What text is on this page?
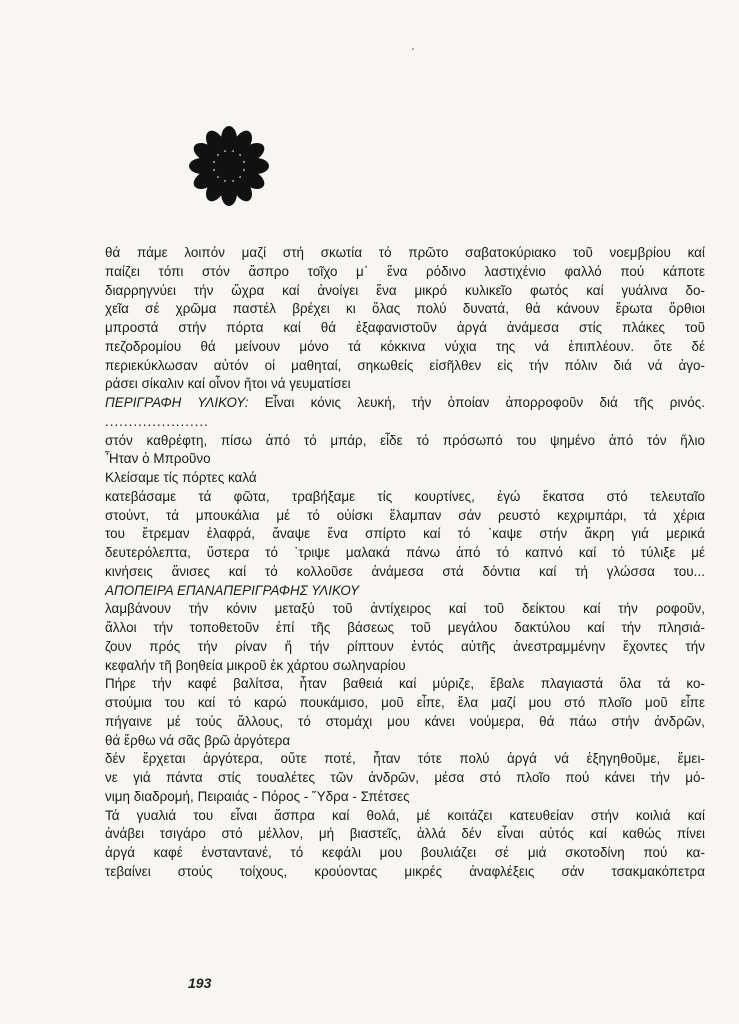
θά πάμε λοιπόν μαζί στή σκωτία τό πρῶτο σαβατοκύριακο τοῦ νοεμβρίου καί
παίζει τόπι στόν ἄσπρο τοῖχο μ᾽ ἕνα ρόδινο λαστιχένιο φαλλό πού κάποτε
διαρρηγνύει τήν ὤχρα καί ἀνοίγει ἕνα μικρό κυλικεῖο φωτός καί γυάλινα δο-
χεῖα σέ χρῶμα παστέλ βρέχει κι ὅλας πολύ δυνατά, θά κάνουν ἔρωτα ὄρθιοι
μπροστά στήν πόρτα καί θά ἐξαφανιστοῦν ἀργά ἀνάμεσα στίς πλάκες τοῦ
πεζοδρομίου θά μείνουν μόνο τά κόκκινα νύχια της νά ἐπιπλέουν. ὅτε δέ
περιεκύκλωσαν αὐτόν οἱ μαθηταί, σηκωθείς εἰσῆλθεν εἰς τήν πόλιν διά νά ἀγο-
ράσει σίκαλιν καί οἶνον ἤτοι νά γευματίσει
ΠΕΡΙΓΡΑΦΗ ΥΛΙΚΟΥ: Εἶναι κόνις λευκή, τήν ὁποίαν ἀπορροφοῦν διά τῆς ρινός.
......................
στόν καθρέφτη, πίσω ἀπό τό μπάρ, εἶδε τό πρόσωπό του ψημένο ἀπό τόν ἥλιο
Ἦταν ὁ Μπροῦνο
Κλείσαμε τίς πόρτες καλά
κατεβάσαμε τά φῶτα, τραβήξαμε τίς κουρτίνες, ἐγώ ἔκατσα στό τελευταῖο
στούντ, τά μπουκάλια μέ τό οὐίσκι ἔλαμπαν σάν ρευστό κεχριμπάρι, τά χέρια
του ἔτρεμαν ἐλαφρά, ἄναψε ἕνα σπίρτο καί τό ᾽καψε στήν ἄκρη γιά μερικά
δευτερόλεπτα, ὕστερα τό ᾽τριψε μαλακά πάνω ἀπό τό καπνό καί τό τύλιξε μέ
κινήσεις ἄνισες καί τό κολλοῦσε ἀνάμεσα στά δόντια καί τή γλώσσα του...
ΑΠΟΠΕΙΡΑ ΕΠΑΝΑΠΕΡΙΓΡΑΦΗΣ ΥΛΙΚΟΥ
λαμβάνουν τήν κόνιν μεταξύ τοῦ ἀντίχειρος καί τοῦ δείκτου καί τήν ροφοῦν,
ἄλλοι τήν τοποθετοῦν ἐπί τῆς βάσεως τοῦ μεγάλου δακτύλου καί τήν πλησιά-
ζουν πρός τήν ρίναν ἤ τήν ρίπτουν ἐντός αὐτῆς ἀνεστραμμένην ἔχοντες τήν
κεφαλήν τῆ βοηθεία μικροῦ ἐκ χάρτου σωληναρίου
Πήρε τήν καφέ βαλίτσα, ἦταν βαθειά καί μύριζε, ἔβαλε πλαγιαστά ὅλα τά κο-
στούμια του καί τό καρώ πουκάμισο, μοῦ εἶπε, ἔλα μαζί μου στό πλοῖο μοῦ εἶπε
πήγαινε μέ τούς ἄλλους, τό στομάχι μου κάνει νούμερα, θά πάω στήν ἀνδρῶν,
θά ἔρθω νά σᾶς βρῶ ἀργότερα
δέν ἔρχεται ἀργότερα, οὔτε ποτέ, ἦταν τότε πολύ ἀργά νά ἐξηγηθοῦμε, ἔμει-
νε γιά πάντα στίς τουαλέτες τῶν ἀνδρῶν, μέσα στό πλοῖο πού κάνει τήν μό-
νιμη διαδρομή, Πειραιάς - Πόρος - Ὕδρα - Σπέτσες
Τά γυαλιά του εἶναι ἄσπρα καί θολά, μέ κοιτάζει κατευθείαν στήν κοιλιά καί
ἀνάβει τσιγάρο στό μέλλον, μή βιαστεῖς, ἀλλά δέν εἶναι αὐτός καί καθώς πίνει
ἀργά καφέ ἐνσταντανέ, τό κεφάλι μου βουλιάζει σέ μιά σκοτοδίνη πού κα-
τεβαίνει στούς τοίχους, κρούοντας μικρές ἀναφλέξεις σάν τσακμακόπετρα
193
